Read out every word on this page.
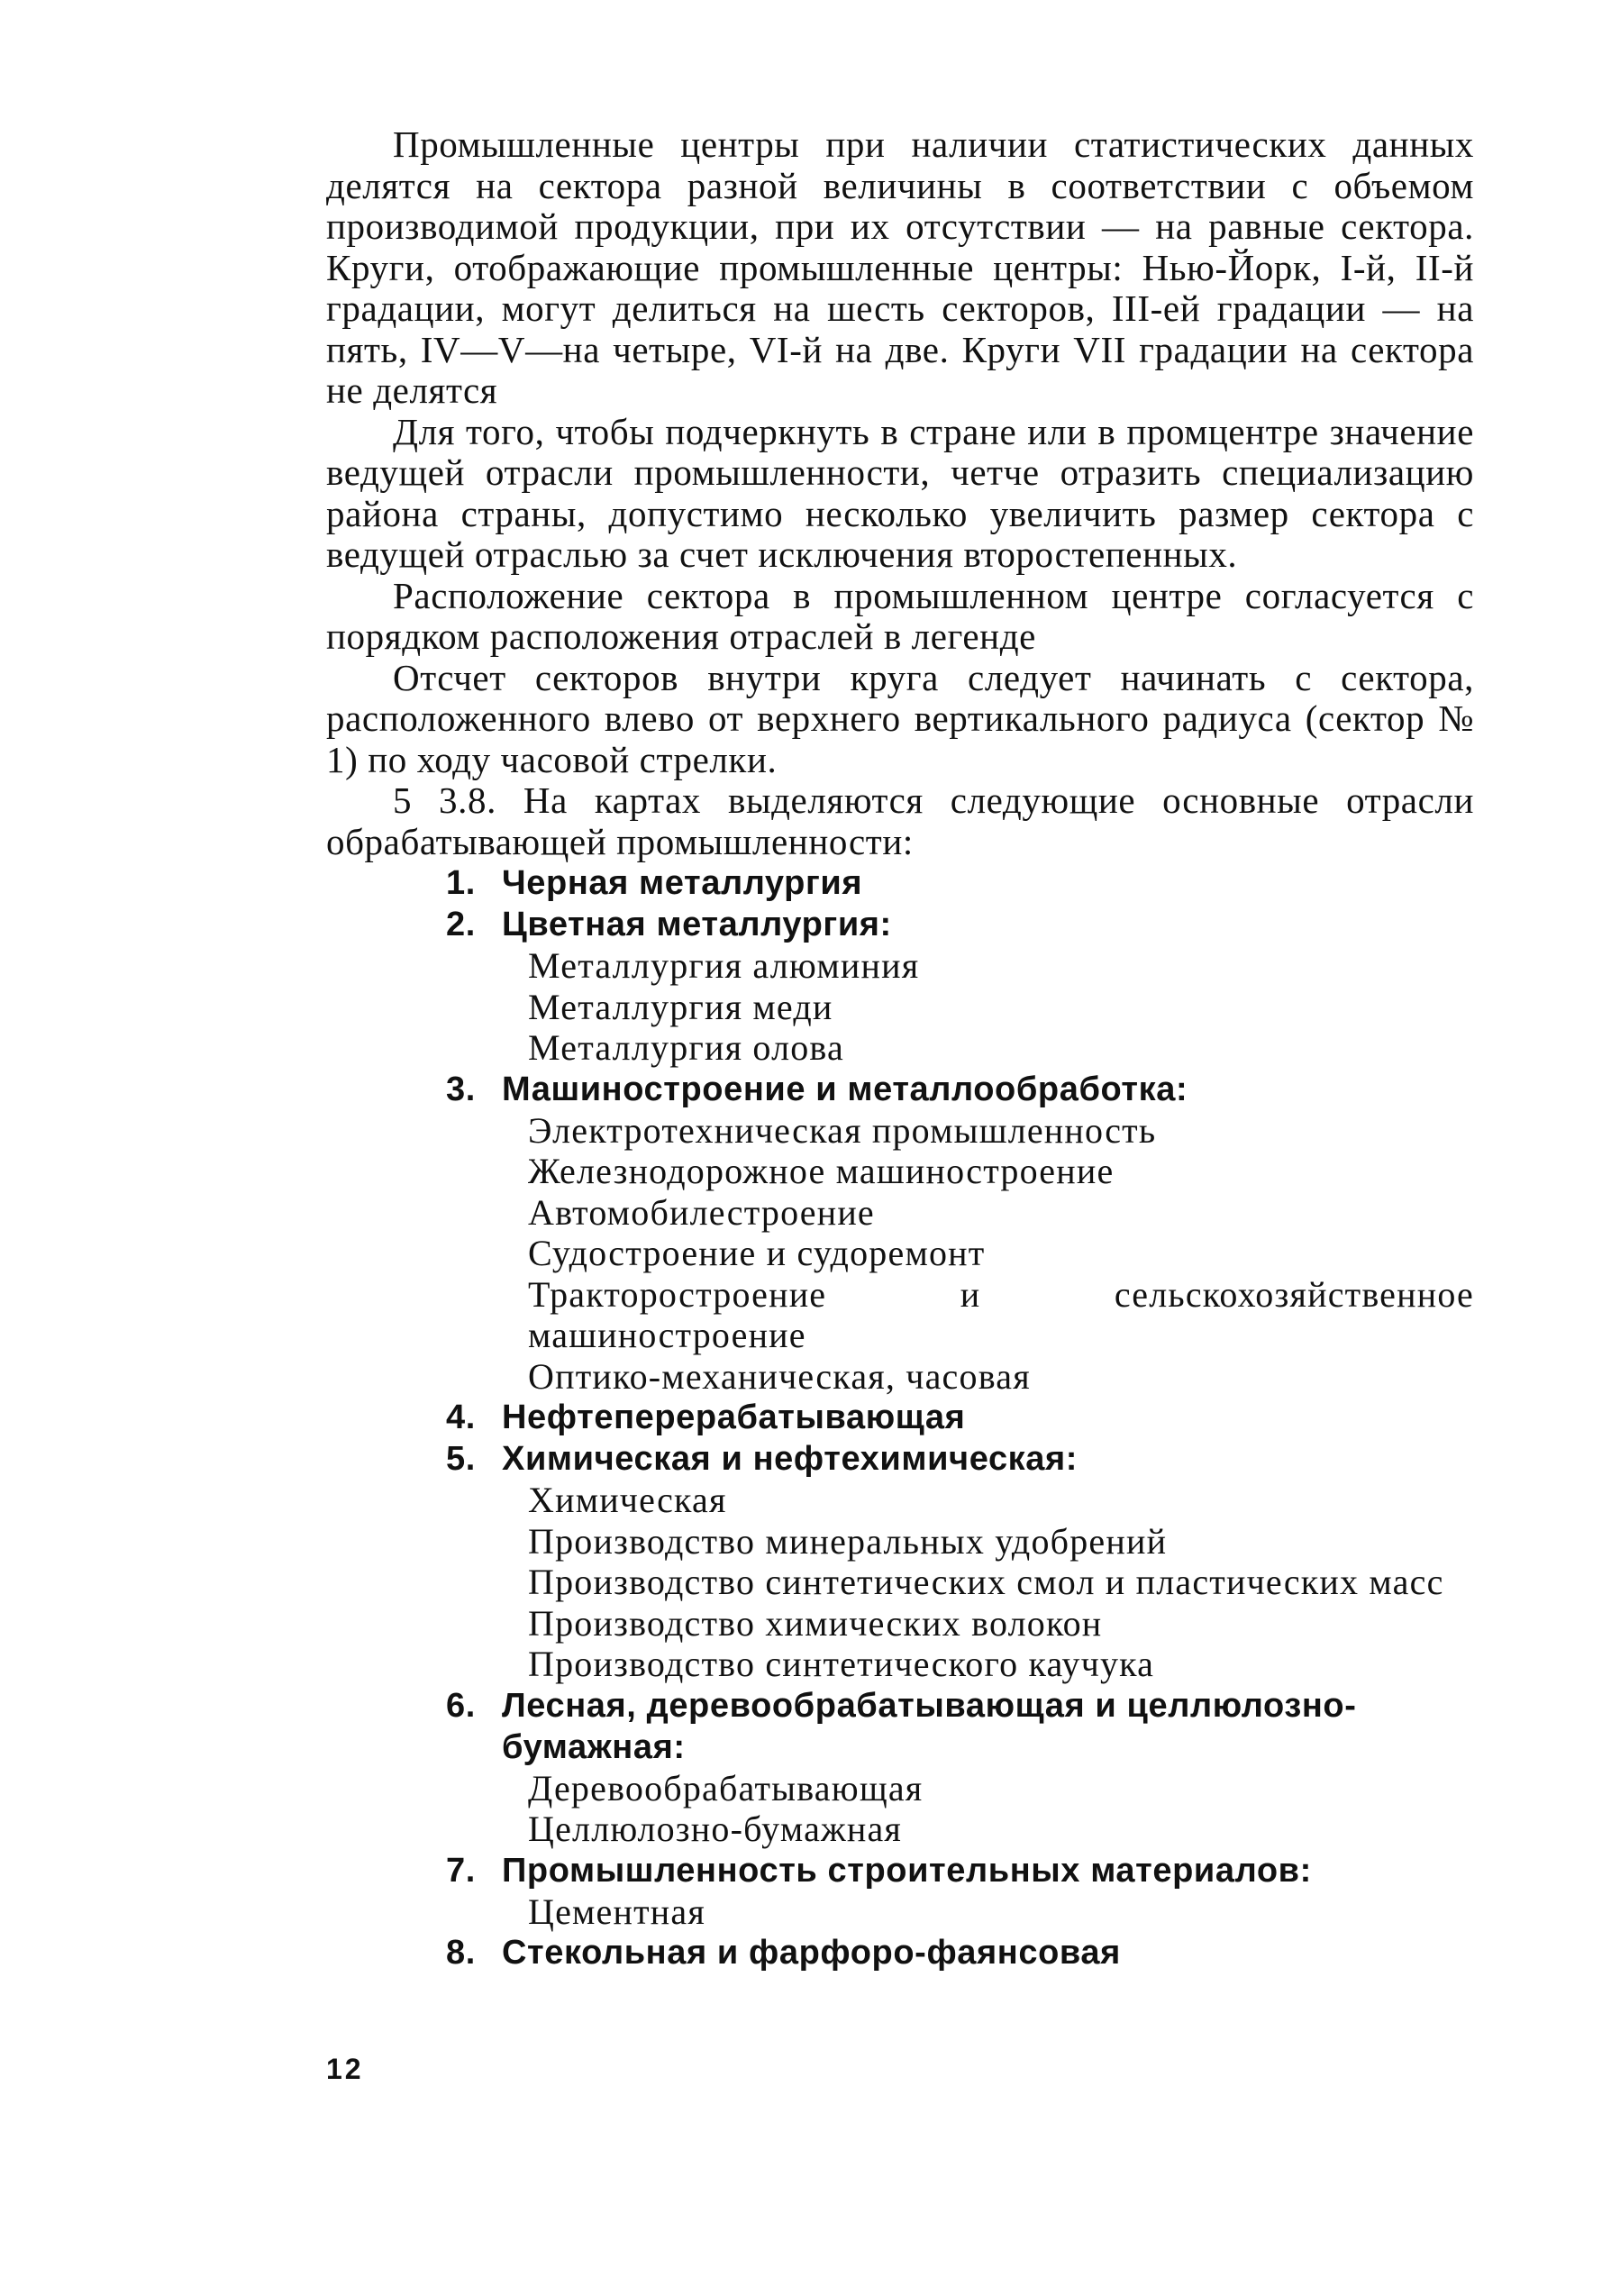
Промышленные центры при наличии статистических данных делятся на сектора разной величины в соответствии с объемом производимой продукции, при их отсутствии — на равные сектора. Круги, отображающие промышленные центры: Нью-Йорк, I-й, II-й градации, могут делиться на шесть секторов, III-ей градации — на пять, IV—V—на четыре, VI-й на две. Круги VII градации на сектора не делятся

Для того, чтобы подчеркнуть в стране или в промцентре значение ведущей отрасли промышленности, четче отразить специализацию района страны, допустимо несколько увеличить размер сектора с ведущей отраслью за счет исключения второстепенных.

Расположение сектора в промышленном центре согласуется с порядком расположения отраслей в легенде

Отсчет секторов внутри круга следует начинать с сектора, расположенного влево от верхнего вертикального радиуса (сектор № 1) по ходу часовой стрелки.

5 3.8. На картах выделяются следующие основные отрасли обрабатывающей промышленности:

1. Черная металлургия
2. Цветная металлургия:
Металлургия алюминия
Металлургия меди
Металлургия олова
3. Машиностроение и металлообработка:
Электротехническая промышленность
Железнодорожное машиностроение
Автомобилестроение
Судостроение и судоремонт
Тракторостроение и сельскохозяйственное машиностроение
Оптико-механическая, часовая
4. Нефтеперерабатывающая
5. Химическая и нефтехимическая:
Химическая
Производство минеральных удобрений
Производство синтетических смол и пластических масс
Производство химических волокон
Производство синтетического каучука
6. Лесная, деревообрабатывающая и целлюлозно-бумажная:
Деревообрабатывающая
Целлюлозно-бумажная
7. Промышленность строительных материалов:
Цементная
8. Стекольная и фарфоро-фаянсовая
12
